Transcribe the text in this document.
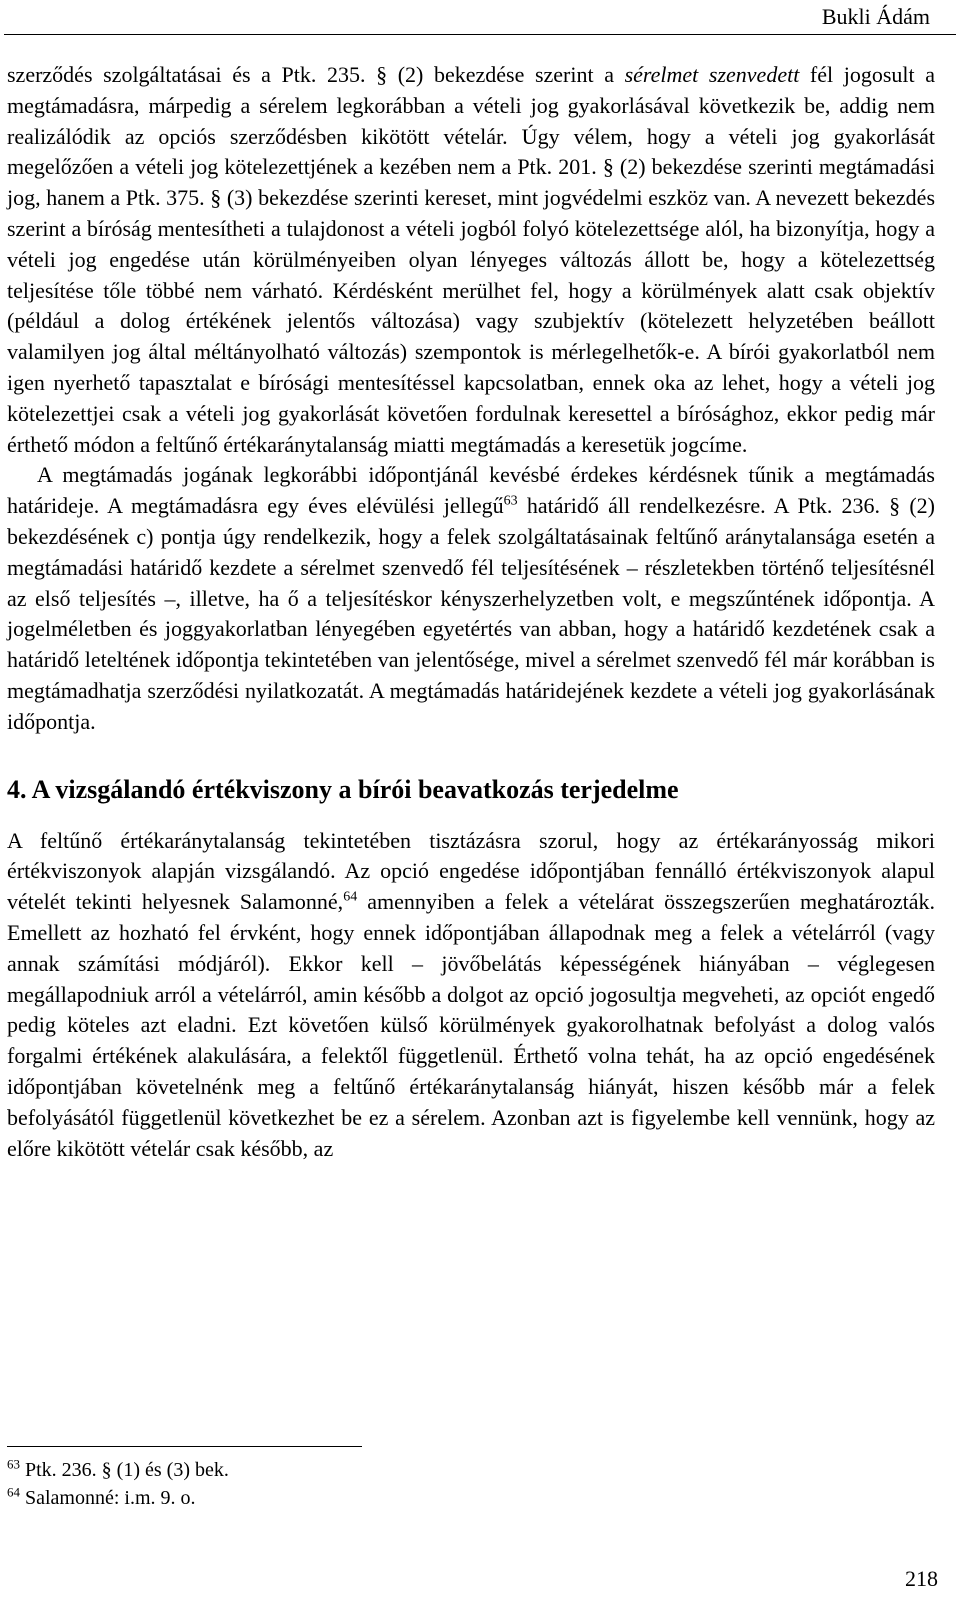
Bukli Ádám

szerződés szolgáltatásai és a Ptk. 235. § (2) bekezdése szerint a sérelmet szenvedett fél jogosult a megtámadásra, márpedig a sérelem legkorábban a vételi jog gyakorlásával következik be, addig nem realizálódik az opciós szerződésben kikötött vételár. Úgy vélem, hogy a vételi jog gyakorlását megelőzően a vételi jog kötelezettjének a kezében nem a Ptk. 201. § (2) bekezdése szerinti megtámadási jog, hanem a Ptk. 375. § (3) bekezdése szerinti kereset, mint jogvédelmi eszköz van. A nevezett bekezdés szerint a bíróság mentesítheti a tulajdonost a vételi jogból folyó kötelezettsége alól, ha bizonyítja, hogy a vételi jog engedése után körülményeiben olyan lényeges változás állott be, hogy a kötelezettség teljesítése tőle többé nem várható. Kérdésként merülhet fel, hogy a körülmények alatt csak objektív (például a dolog értékének jelentős változása) vagy szubjektív (kötelezett helyzetében beállott valamilyen jog által méltányolható változás) szempontok is mérlegelhetők-e. A bírói gyakorlatból nem igen nyerhető tapasztalat e bírósági mentesítéssel kapcsolatban, ennek oka az lehet, hogy a vételi jog kötelezettjei csak a vételi jog gyakorlását követően fordulnak keresettel a bírósághoz, ekkor pedig már érthető módon a feltűnő értékaránytalanság miatti megtámadás a keresetük jogcíme.

A megtámadás jogának legkorábbi időpontjánál kevésbé érdekes kérdésnek tűnik a megtámadás határideje. A megtámadásra egy éves elévülési jellegű$^{63}$ határidő áll rendelkezésre. A Ptk. 236. § (2) bekezdésének c) pontja úgy rendelkezik, hogy a felek szolgáltatásainak feltűnő aránytalansága esetén a megtámadási határidő kezdete a sérelmet szenvedő fél teljesítésének – részletekben történő teljesítésnél az első teljesítés –, illetve, ha ő a teljesítéskor kényszerhelyzetben volt, e megszűntének időpontja. A jogelméletben és joggyakorlatban lényegében egyetértés van abban, hogy a határidő kezdetének csak a határidő leteltének időpontja tekintetében van jelentősége, mivel a sérelmet szenvedő fél már korábban is megtámadhatja szerződési nyilatkozatát. A megtámadás határidejének kezdete a vételi jog gyakorlásának időpontja.

4. A vizsgálandó értékviszony a bírói beavatkozás terjedelme

A feltűnő értékaránytalanság tekintetében tisztázásra szorul, hogy az értékarányosság mikori értékviszonyok alapján vizsgálandó. Az opció engedése időpontjában fennálló értékviszonyok alapul vételét tekinti helyesnek Salamonné,$^{64}$ amennyiben a felek a vételárat összegszerűen meghatározták. Emellett az hozható fel érvként, hogy ennek időpontjában állapodnak meg a felek a vételárról (vagy annak számítási módjáról). Ekkor kell – jövőbelátás képességének hiányában – véglegesen megállapodniuk arról a vételárról, amin később a dolgot az opció jogosultja megveheti, az opciót engedő pedig köteles azt eladni. Ezt követően külső körülmények gyakorolhatnak befolyást a dolog valós forgalmi értékének alakulására, a felektől függetlenül. Érthető volna tehát, ha az opció engedésének időpontjában követelnénk meg a feltűnő értékaránytalanság hiányát, hiszen később már a felek befolyásától függetlenül következhet be ez a sérelem. Azonban azt is figyelembe kell vennünk, hogy az előre kikötött vételár csak később, az

$^{63}$ Ptk. 236. § (1) és (3) bek.
$^{64}$ Salamonné: i.m. 9. o.
218
